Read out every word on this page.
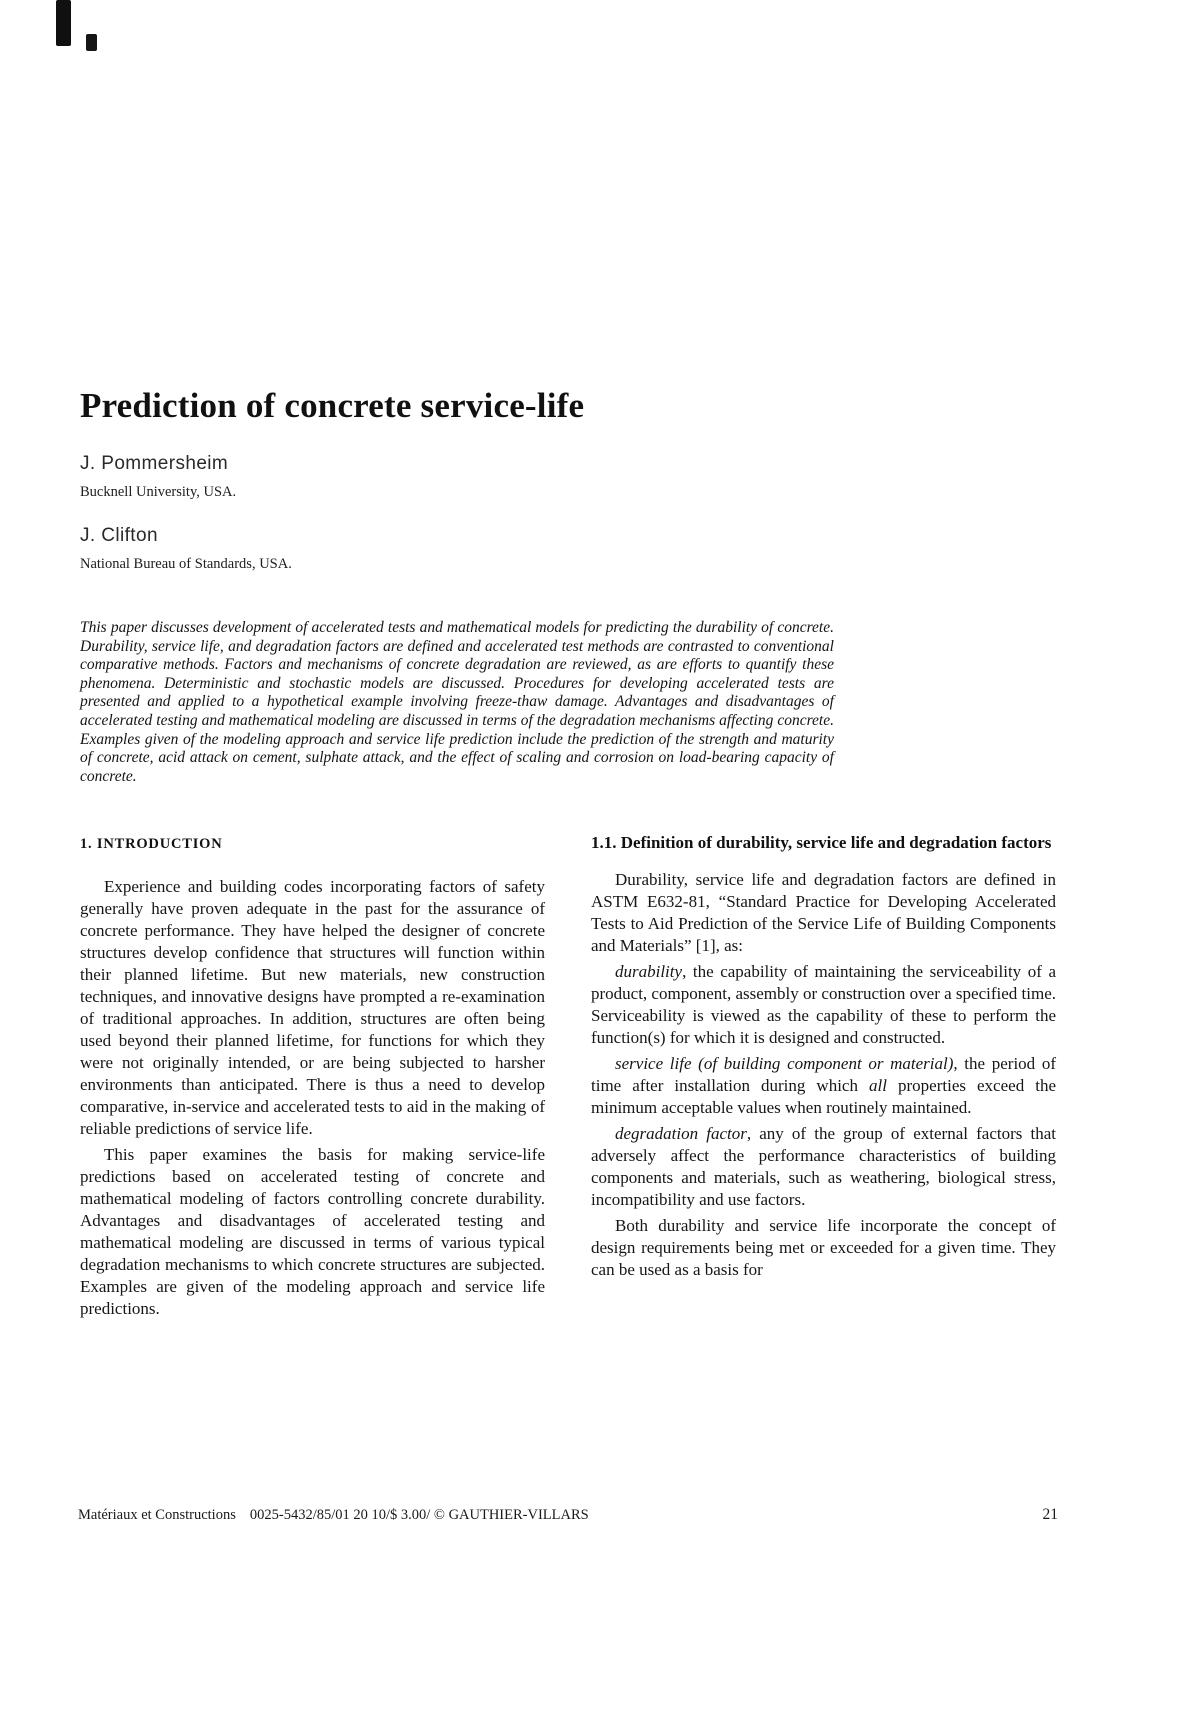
Prediction of concrete service-life
J. Pommersheim
Bucknell University, USA.
J. Clifton
National Bureau of Standards, USA.

This paper discusses development of accelerated tests and mathematical models for predicting the durability of concrete. Durability, service life, and degradation factors are defined and accelerated test methods are contrasted to conventional comparative methods. Factors and mechanisms of concrete degradation are reviewed, as are efforts to quantify these phenomena. Deterministic and stochastic models are discussed. Procedures for developing accelerated tests are presented and applied to a hypothetical example involving freeze-thaw damage. Advantages and disadvantages of accelerated testing and mathematical modeling are discussed in terms of the degradation mechanisms affecting concrete. Examples given of the modeling approach and service life prediction include the prediction of the strength and maturity of concrete, acid attack on cement, sulphate attack, and the effect of scaling and corrosion on load-bearing capacity of concrete.

1. INTRODUCTION

Experience and building codes incorporating factors of safety generally have proven adequate in the past for the assurance of concrete performance. They have helped the designer of concrete structures develop confidence that structures will function within their planned lifetime. But new materials, new construction techniques, and innovative designs have prompted a re-examination of traditional approaches. In addition, structures are often being used beyond their planned lifetime, for functions for which they were not originally intended, or are being subjected to harsher environments than anticipated. There is thus a need to develop comparative, in-service and accelerated tests to aid in the making of reliable predictions of service life.

This paper examines the basis for making service-life predictions based on accelerated testing of concrete and mathematical modeling of factors controlling concrete durability. Advantages and disadvantages of accelerated testing and mathematical modeling are discussed in terms of various typical degradation mechanisms to which concrete structures are subjected. Examples are given of the modeling approach and service life predictions.

1.1. Definition of durability, service life and degradation factors

Durability, service life and degradation factors are defined in ASTM E632-81, “Standard Practice for Developing Accelerated Tests to Aid Prediction of the Service Life of Building Components and Materials” [1], as:

durability, the capability of maintaining the serviceability of a product, component, assembly or construction over a specified time. Serviceability is viewed as the capability of these to perform the function(s) for which it is designed and constructed.

service life (of building component or material), the period of time after installation during which all properties exceed the minimum acceptable values when routinely maintained.

degradation factor, any of the group of external factors that adversely affect the performance characteristics of building components and materials, such as weathering, biological stress, incompatibility and use factors.

Both durability and service life incorporate the concept of design requirements being met or exceeded for a given time. They can be used as a basis for

Matériaux et Constructions 0025-5432/85/01 20 10/$ 3.00/ © GAUTHIER-VILLARS	21
